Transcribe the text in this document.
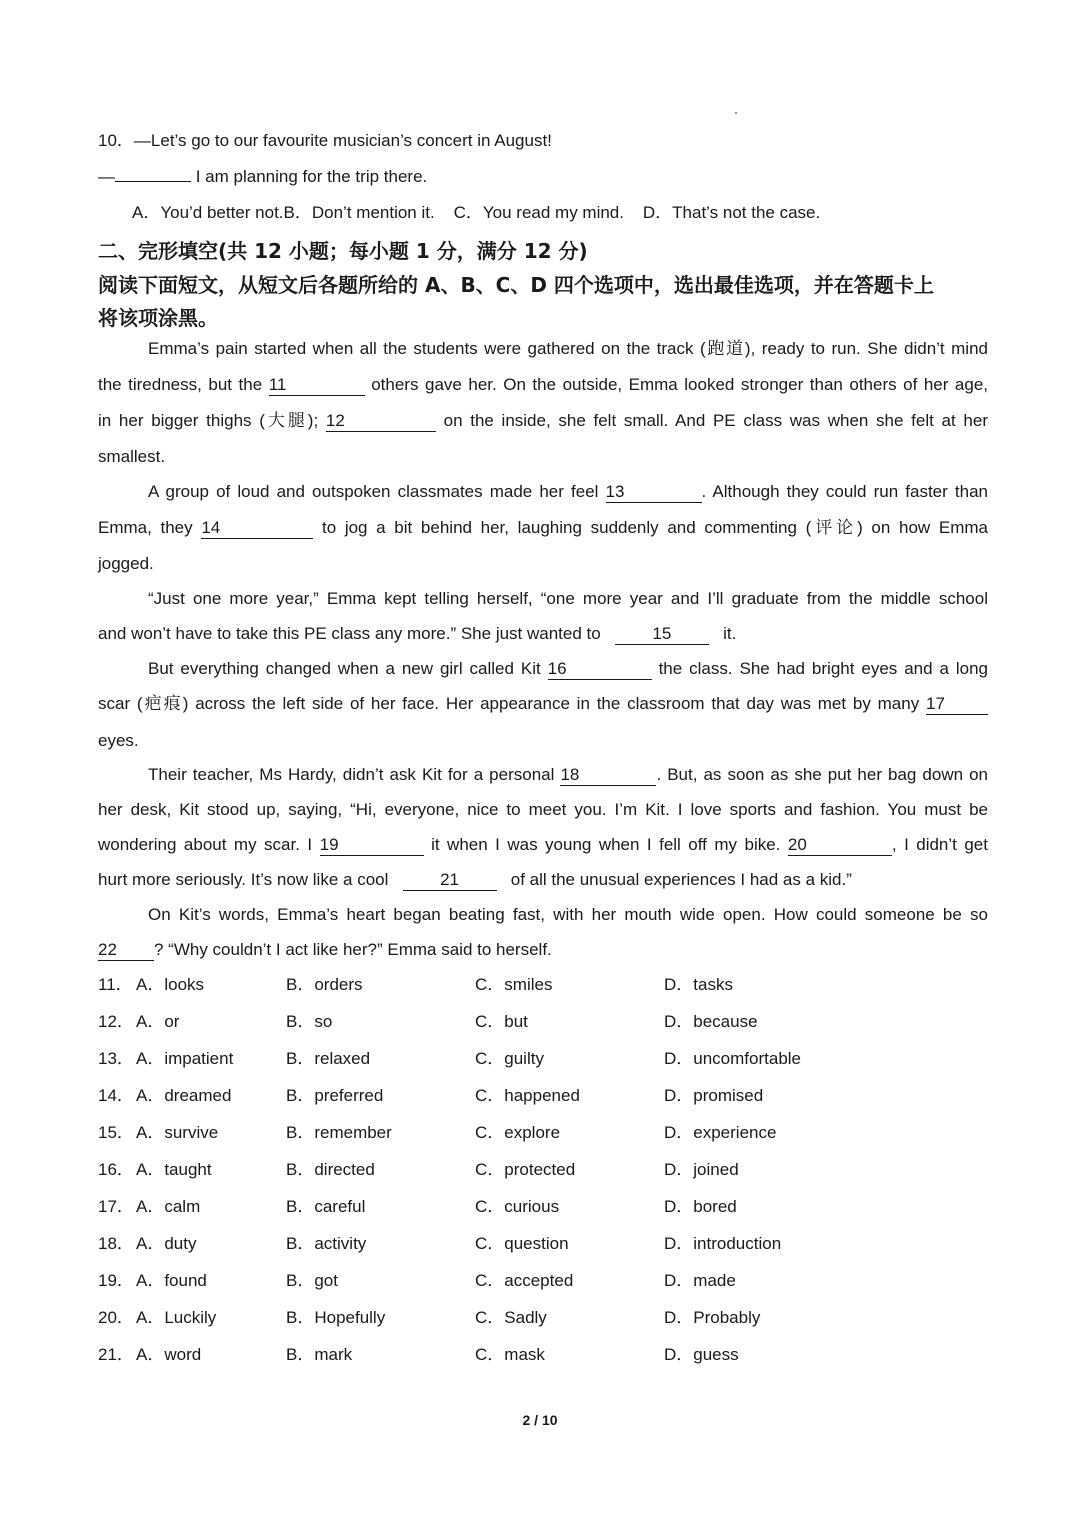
10．—Let’s go to our favourite musician’s concert in August!
—	I am planning for the trip there.
A．You’d better not.B．Don’t mention it.    C．You read my mind.    D．That’s not the case.
二、完形填空(共 12 小题；每小题 1 分，满分 12 分)
阅读下面短文，从短文后各题所给的 A、B、C、D 四个选项中，选出最佳选项，并在答题卡上
将该项涂黑。
Emma’s pain started when all the students were gathered on the track (跑道), ready to run. She didn’t mind
the tiredness, but the 11	others gave her. On the outside, Emma looked stronger than others of her age,
in her bigger thighs (大腿); 12	on the inside, she felt small. And PE class was when she felt at her
smallest.
A group of loud and outspoken classmates made her feel 13	. Although they could run faster than
Emma, they 14	to jog a bit behind her, laughing suddenly and commenting (评论) on how Emma
jogged.
“Just one more year,” Emma kept telling herself, “one more year and I’ll graduate from the middle school
and won’t have to take this PE class any more.” She just wanted to	15	it.
But everything changed when a new girl called Kit 16	the class. She had bright eyes and a long
scar (疤痕) across the left side of her face. Her appearance in the classroom that day was met by many 17
eyes.
Their teacher, Ms Hardy, didn’t ask Kit for a personal 18	. But, as soon as she put her bag down on
her desk, Kit stood up, saying, “Hi, everyone, nice to meet you. I’m Kit. I love sports and fashion. You must be
wondering about my scar. I 19	it when I was young when I fell off my bike. 20	, I didn’t get
hurt more seriously. It’s now like a cool	21	of all the unusual experiences I had as a kid.”
On Kit’s words, Emma’s heart began beating fast, with her mouth wide open. How could someone be so
22 ? “Why couldn’t I act like her?” Emma said to herself.
11． A．looks	B．orders	C．smiles	D．tasks
12． A．or	B．so	C．but	D．because
13． A．impatient	B．relaxed	C．guilty	D．uncomfortable
14． A．dreamed	B．preferred	C．happened	D．promised
15． A．survive	B．remember	C．explore	D．experience
16． A．taught	B．directed	C．protected	D．joined
17． A．calm	B．careful	C．curious	D．bored
18． A．duty	B．activity	C．question	D．introduction
19． A．found	B．got	C．accepted	D．made
20． A．Luckily	B．Hopefully	C．Sadly	D．Probably
21． A．word	B．mark	C．mask	D．guess
2 / 10
